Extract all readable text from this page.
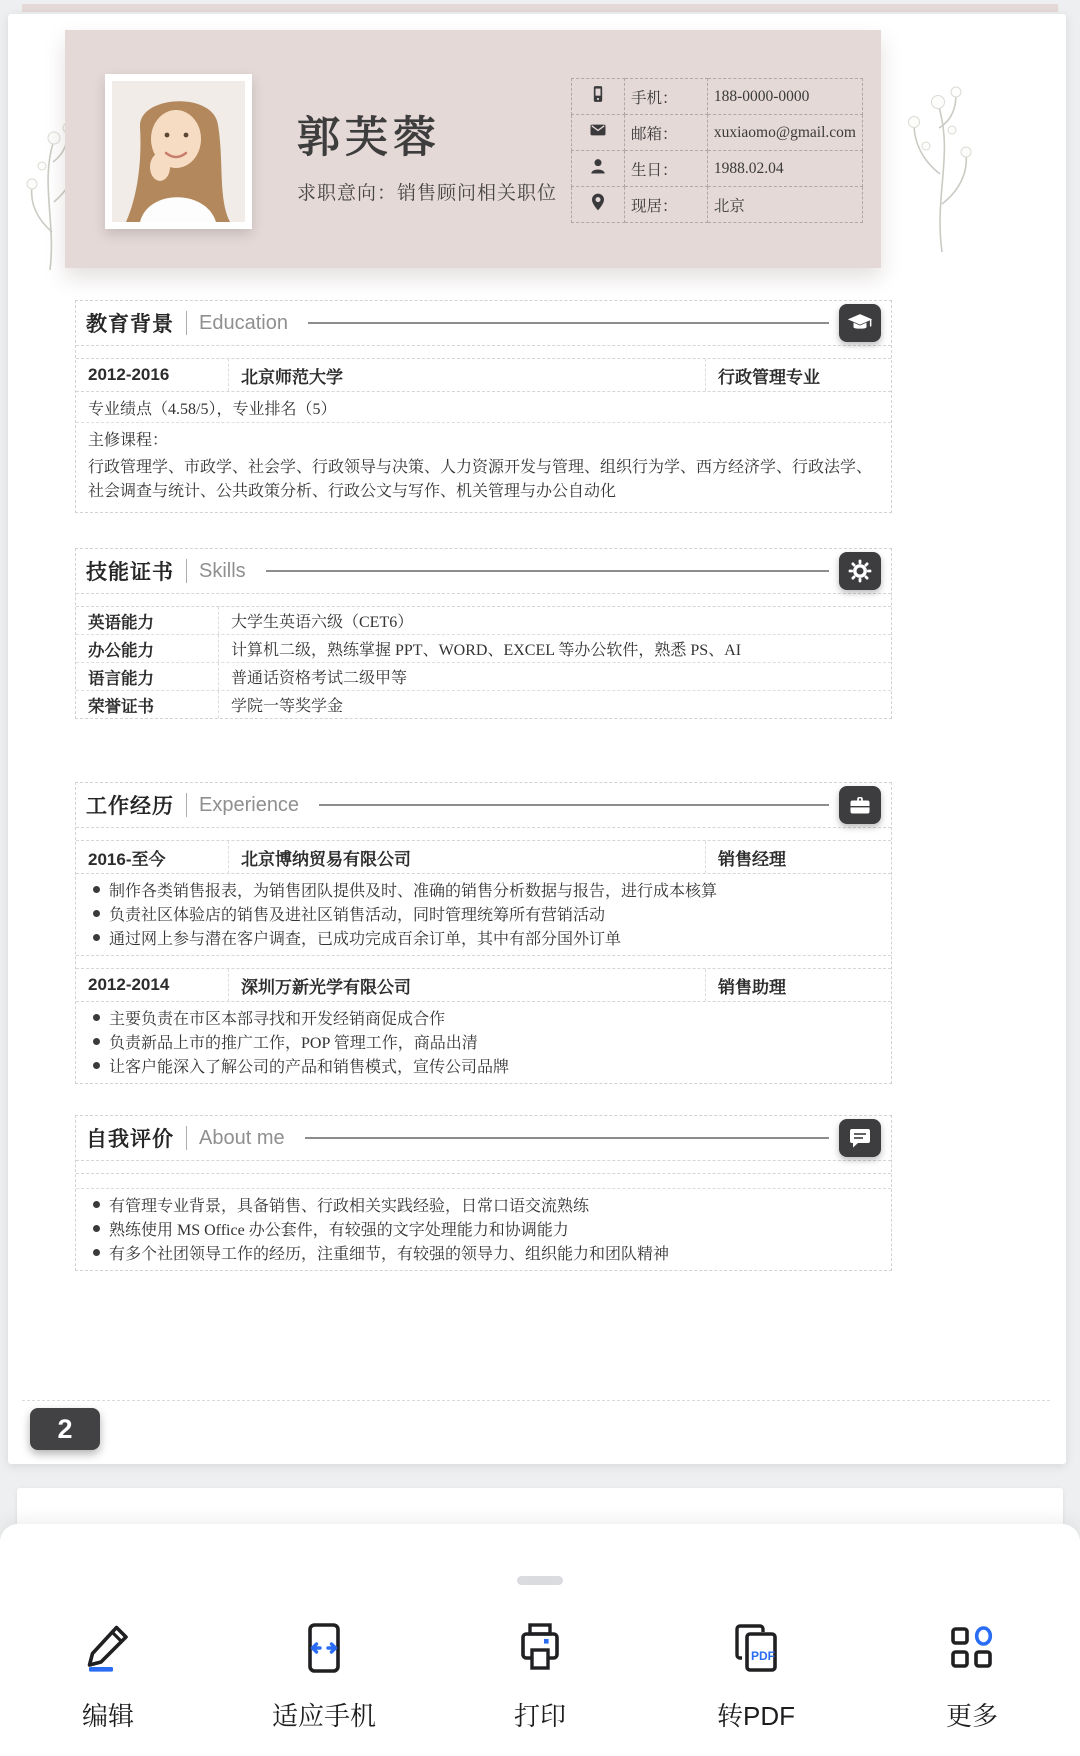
郭芙蓉
求职意向：销售顾问相关职位
	手机：	188-0000-0000
	邮箱：	xuxiaomo@gmail.com
	生日：	1988.02.04
	现居：	北京
教育背景 Education
2012-2016	北京师范大学	行政管理专业
专业绩点（4.58/5），专业排名（5）
主修课程：
行政管理学、市政学、社会学、行政领导与决策、人力资源开发与管理、组织行为学、西方经济学、行政法学、社会调查与统计、公共政策分析、行政公文与写作、机关管理与办公自动化
技能证书 Skills
英语能力	大学生英语六级（CET6）
办公能力	计算机二级，熟练掌握 PPT、WORD、EXCEL 等办公软件，熟悉 PS、AI
语言能力	普通话资格考试二级甲等
荣誉证书	学院一等奖学金
工作经历 Experience
2016-至今	北京博纳贸易有限公司	销售经理
制作各类销售报表，为销售团队提供及时、准确的销售分析数据与报告，进行成本核算
负责社区体验店的销售及进社区销售活动，同时管理统筹所有营销活动
通过网上参与潜在客户调查，已成功完成百余订单，其中有部分国外订单
2012-2014	深圳万新光学有限公司	销售助理
主要负责在市区本部寻找和开发经销商促成合作
负责新品上市的推广工作，POP 管理工作，商品出清
让客户能深入了解公司的产品和销售模式，宣传公司品牌
自我评价 About me
有管理专业背景，具备销售、行政相关实践经验，日常口语交流熟练
熟练使用 MS Office 办公套件，有较强的文字处理能力和协调能力
有多个社团领导工作的经历，注重细节，有较强的领导力、组织能力和团队精神
2
编辑	适应手机	打印
PDF
转PDF	更多
